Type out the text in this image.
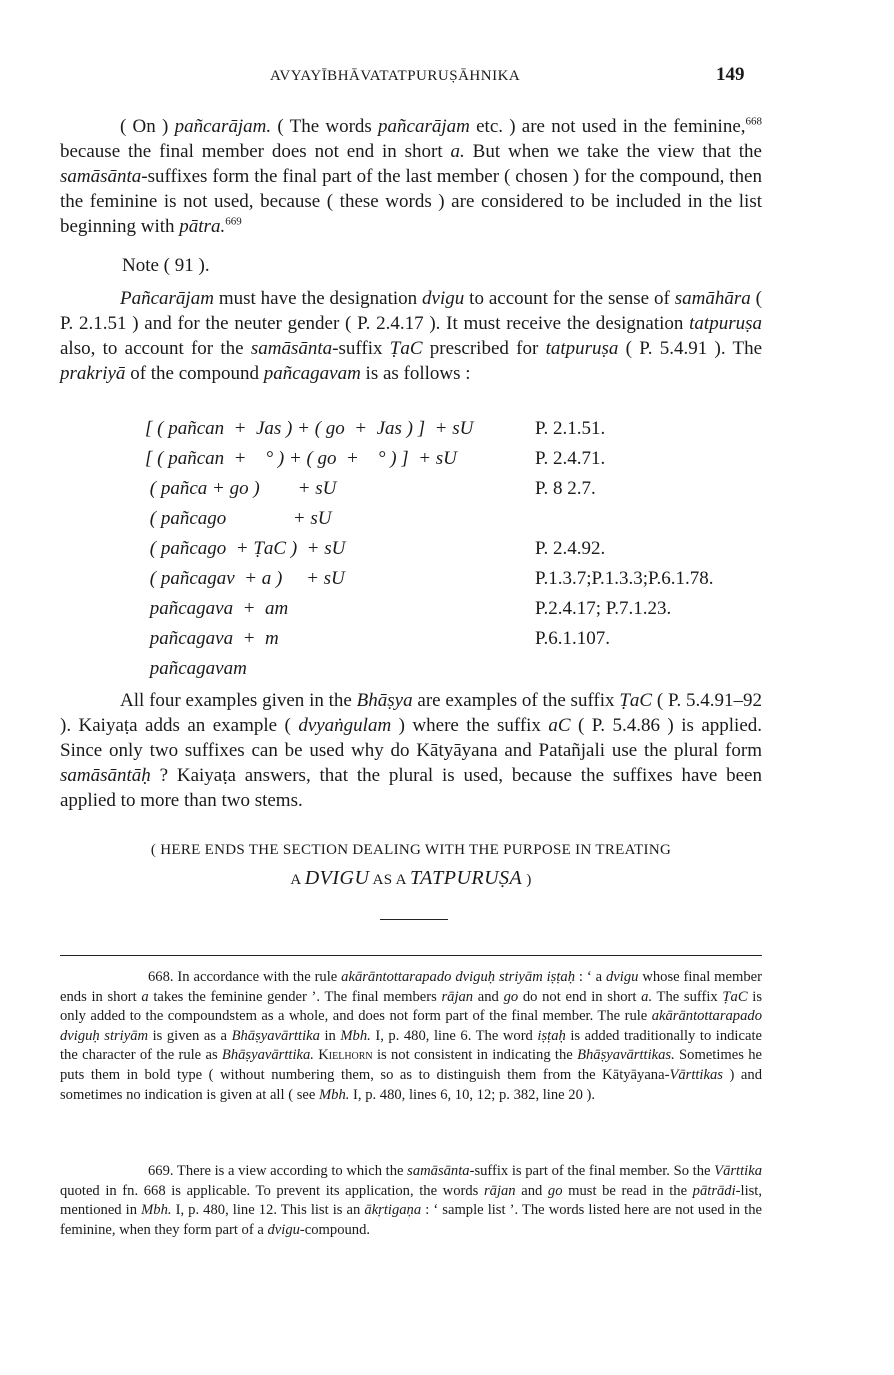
AVYAYĪBHĀVATATPURUṢĀHNIKA	149
( On ) pañcarājam. ( The words pañcarājam etc. ) are not used in the feminine,$^{668}$ because the final member does not end in short a. But when we take the view that the samāsānta-suffixes form the final part of the last member ( chosen ) for the compound, then the feminine is not used, because ( these words ) are considered to be included in the list beginning with pātra.$^{669}$
Note ( 91 ).
Pañcarājam must have the designation dvigu to account for the sense of samāhāra ( P. 2.1.51 ) and for the neuter gender ( P. 2.4.17 ). It must receive the designation tatpuruṣa also, to account for the samāsānta-suffix ṬaC prescribed for tatpuruṣa ( P. 5.4.91 ). The prakriyā of the compound pañcagavam is as follows :
[ ( pañcan  +  Jas ) + ( go  +  Jas ) ]  + sU	P. 2.1.51.
[ ( pañcan  +    ° ) + ( go  +    ° ) ]  + sU	P. 2.4.71.
( pañca + go )        + sU	P. 8 2.7.
( pañcago              + sU
( pañcago  + ṬaC )  + sU	P. 2.4.92.
( pañcagav  + a )     + sU	P.1.3.7;P.1.3.3;P.6.1.78.
pañcagava  +  am	P.2.4.17; P.7.1.23.
pañcagava  +  m	P.6.1.107.
pañcagavam
All four examples given in the Bhāṣya are examples of the suffix ṬaC ( P. 5.4.91–92 ). Kaiyaṭa adds an example ( dvyaṅgulam ) where the suffix aC ( P. 5.4.86 ) is applied. Since only two suffixes can be used why do Kātyāyana and Patañjali use the plural form samāsāntāḥ ? Kaiyaṭa answers, that the plural is used, because the suffixes have been applied to more than two stems.
( HERE ENDS THE SECTION DEALING WITH THE PURPOSE IN TREATING
A DVIGU AS A TATPURUṢA )
668. In accordance with the rule akārāntottarapado dviguḥ striyām iṣṭaḥ : ‘ a dvigu whose final member ends in short a takes the feminine gender ’. The final members rājan and go do not end in short a. The suffix ṬaC is only added to the compoundstem as a whole, and does not form part of the final member. The rule akārāntottarapado dviguḥ striyām is given as a Bhāṣyavārttika in Mbh. I, p. 480, line 6. The word iṣṭaḥ is added traditionally to indicate the character of the rule as Bhāṣyavārttika. Kielhorn is not consistent in indicating the Bhāṣyavārttikas. Sometimes he puts them in bold type ( without numbering them, so as to distinguish them from the Kātyāyana-Vārttikas ) and sometimes no indication is given at all ( see Mbh. I, p. 480, lines 6, 10, 12; p. 382, line 20 ).
669. There is a view according to which the samāsānta-suffix is part of the final member. So the Vārttika quoted in fn. 668 is applicable. To prevent its application, the words rājan and go must be read in the pātrādi-list, mentioned in Mbh. I, p. 480, line 12. This list is an ākṛtigaṇa : ‘ sample list ’. The words listed here are not used in the feminine, when they form part of a dvigu-compound.
